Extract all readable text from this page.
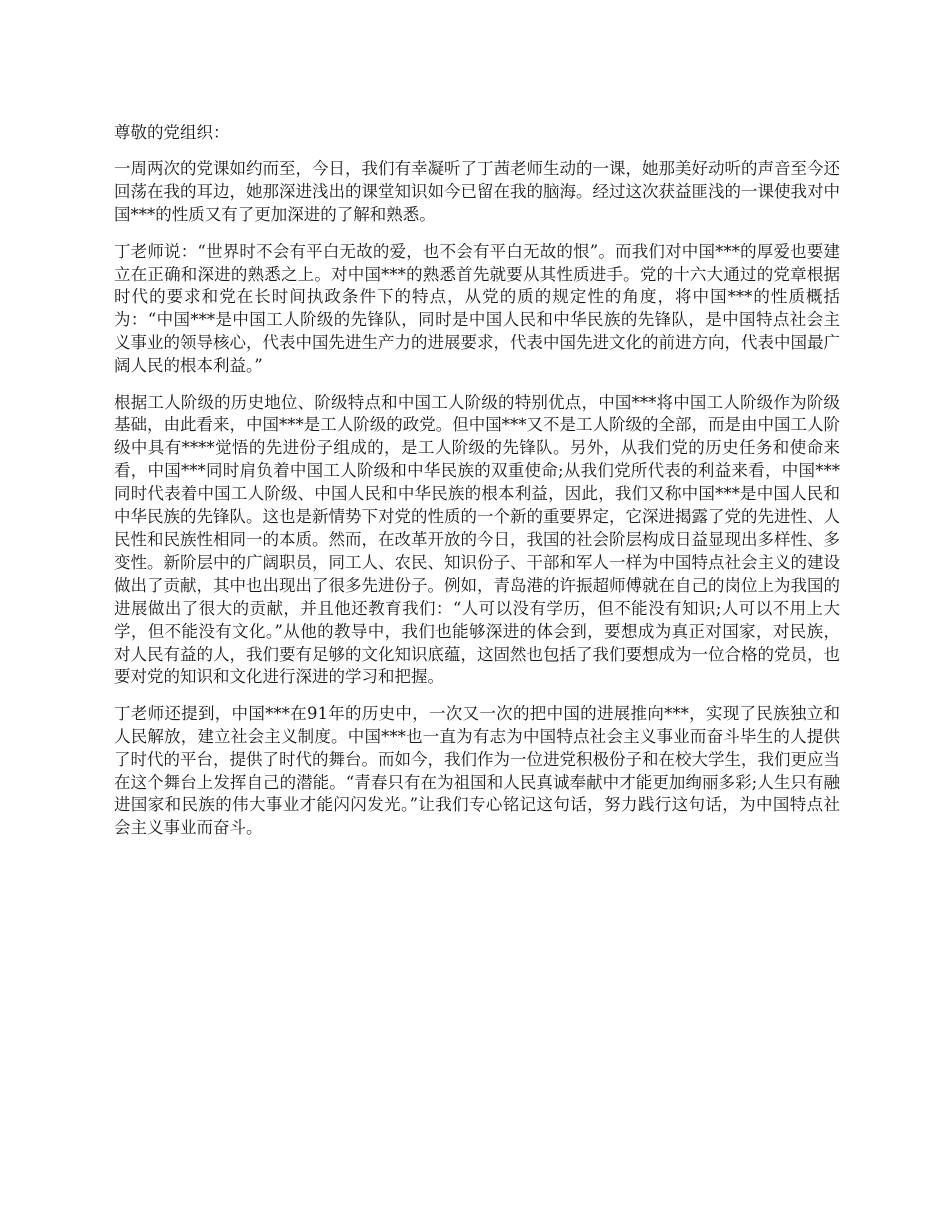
尊敬的党组织：

一周两次的党课如约而至，今日，我们有幸凝听了丁茜老师生动的一课，她那美好动听的声音至今还回荡在我的耳边，她那深进浅出的课堂知识如今已留在我的脑海。经过这次获益匪浅的一课使我对中国***的性质又有了更加深进的了解和熟悉。

丁老师说：“世界时不会有平白无故的爱，也不会有平白无故的恨”。而我们对中国***的厚爱也要建立在正确和深进的熟悉之上。对中国***的熟悉首先就要从其性质进手。党的十六大通过的党章根据时代的要求和党在长时间执政条件下的特点，从党的质的规定性的角度，将中国***的性质概括为：“中国***是中国工人阶级的先锋队，同时是中国人民和中华民族的先锋队，是中国特点社会主义事业的领导核心，代表中国先进生产力的进展要求，代表中国先进文化的前进方向，代表中国最广阔人民的根本利益。”

根据工人阶级的历史地位、阶级特点和中国工人阶级的特别优点，中国***将中国工人阶级作为阶级基础，由此看来，中国***是工人阶级的政党。但中国***又不是工人阶级的全部，而是由中国工人阶级中具有****觉悟的先进份子组成的，是工人阶级的先锋队。另外，从我们党的历史任务和使命来看，中国***同时肩负着中国工人阶级和中华民族的双重使命;从我们党所代表的利益来看，中国***同时代表着中国工人阶级、中国人民和中华民族的根本利益，因此，我们又称中国***是中国人民和中华民族的先锋队。这也是新情势下对党的性质的一个新的重要界定，它深进揭露了党的先进性、人民性和民族性相同一的本质。然而，在改革开放的今日，我国的社会阶层构成日益显现出多样性、多变性。新阶层中的广阔职员，同工人、农民、知识份子、干部和军人一样为中国特点社会主义的建设做出了贡献，其中也出现出了很多先进份子。例如，青岛港的许振超师傅就在自己的岗位上为我国的进展做出了很大的贡献，并且他还教育我们：“人可以没有学历，但不能没有知识;人可以不用上大学，但不能没有文化。”从他的教导中，我们也能够深进的体会到，要想成为真正对国家，对民族，对人民有益的人，我们要有足够的文化知识底蕴，这固然也包括了我们要想成为一位合格的党员，也要对党的知识和文化进行深进的学习和把握。

丁老师还提到，中国***在91年的历史中，一次又一次的把中国的进展推向***，实现了民族独立和人民解放，建立社会主义制度。中国***也一直为有志为中国特点社会主义事业而奋斗毕生的人提供了时代的平台，提供了时代的舞台。而如今，我们作为一位进党积极份子和在校大学生，我们更应当在这个舞台上发挥自己的潜能。“青春只有在为祖国和人民真诚奉献中才能更加绚丽多彩;人生只有融进国家和民族的伟大事业才能闪闪发光。”让我们专心铭记这句话，努力践行这句话，为中国特点社会主义事业而奋斗。
